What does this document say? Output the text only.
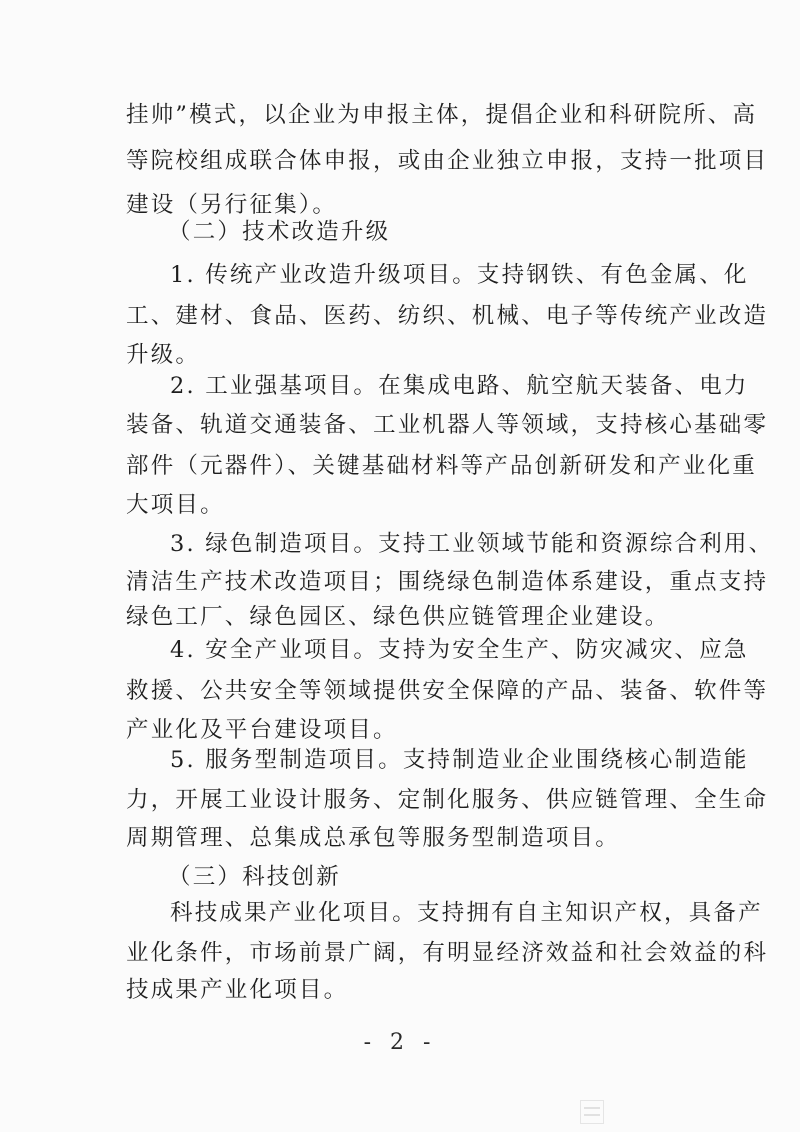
挂帅”模式，以企业为申报主体，提倡企业和科研院所、高
等院校组成联合体申报，或由企业独立申报，支持一批项目
建设（另行征集）。
（二）技术改造升级
1. 传统产业改造升级项目。支持钢铁、有色金属、化
工、建材、食品、医药、纺织、机械、电子等传统产业改造
升级。
2. 工业强基项目。在集成电路、航空航天装备、电力
装备、轨道交通装备、工业机器人等领域，支持核心基础零
部件（元器件）、关键基础材料等产品创新研发和产业化重
大项目。
3. 绿色制造项目。支持工业领域节能和资源综合利用、
清洁生产技术改造项目；围绕绿色制造体系建设，重点支持
绿色工厂、绿色园区、绿色供应链管理企业建设。
4. 安全产业项目。支持为安全生产、防灾减灾、应急
救援、公共安全等领域提供安全保障的产品、装备、软件等
产业化及平台建设项目。
5. 服务型制造项目。支持制造业企业围绕核心制造能
力，开展工业设计服务、定制化服务、供应链管理、全生命
周期管理、总集成总承包等服务型制造项目。
（三）科技创新
科技成果产业化项目。支持拥有自主知识产权，具备产
业化条件，市场前景广阔，有明显经济效益和社会效益的科
技成果产业化项目。
- 2 -
